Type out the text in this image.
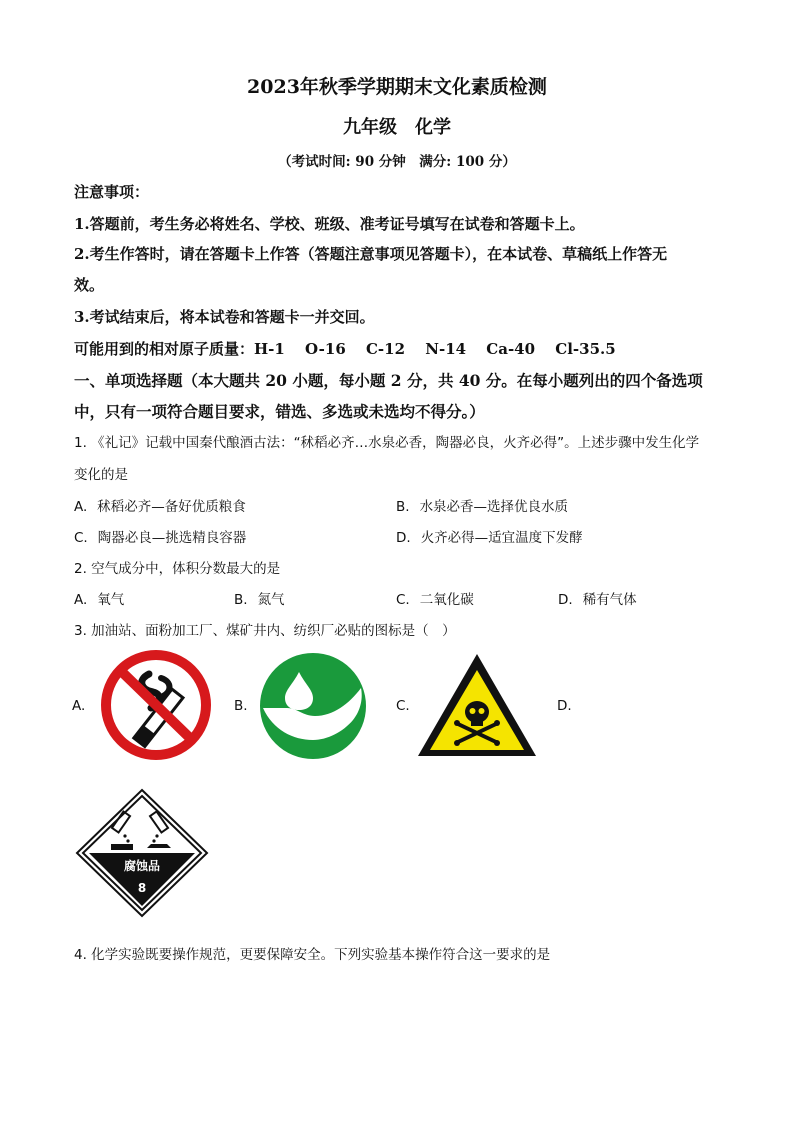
2023年秋季学期期末文化素质检测
九年级 化学
（考试时间: 90 分钟　满分: 100 分）
注意事项：
1.答题前，考生务必将姓名、学校、班级、准考证号填写在试卷和答题卡上。
2.考生作答时，请在答题卡上作答（答题注意事项见答题卡），在本试卷、草稿纸上作答无
效。
3.考试结束后，将本试卷和答题卡一并交回。
可能用到的相对原子质量：H-1　 O-16　 C-12　 N-14　 Ca-40　 Cl-35.5
一、单项选择题（本大题共 20 小题，每小题 2 分，共 40 分。在每小题列出的四个备选项
中，只有一项符合题目要求，错选、多选或未选均不得分。）
1. 《礼记》记载中国秦代酿酒古法：“秫稻必齐…水泉必香，陶器必良，火齐必得”。上述步骤中发生化学
变化的是
A. 秫稻必齐—备好优质粮食	B. 水泉必香—选择优良水质
C. 陶器必良—挑选精良容器	D. 火齐必得—适宜温度下发酵
2. 空气成分中，体积分数最大的是
A. 氧气	B. 氮气	C. 二氧化碳	D. 稀有气体
3. 加油站、面粉加工厂、煤矿井内、纺织厂必贴的图标是（　）
A.	B.	C.	D.
腐蚀品
8
4. 化学实验既要操作规范，更要保障安全。下列实验基本操作符合这一要求的是
